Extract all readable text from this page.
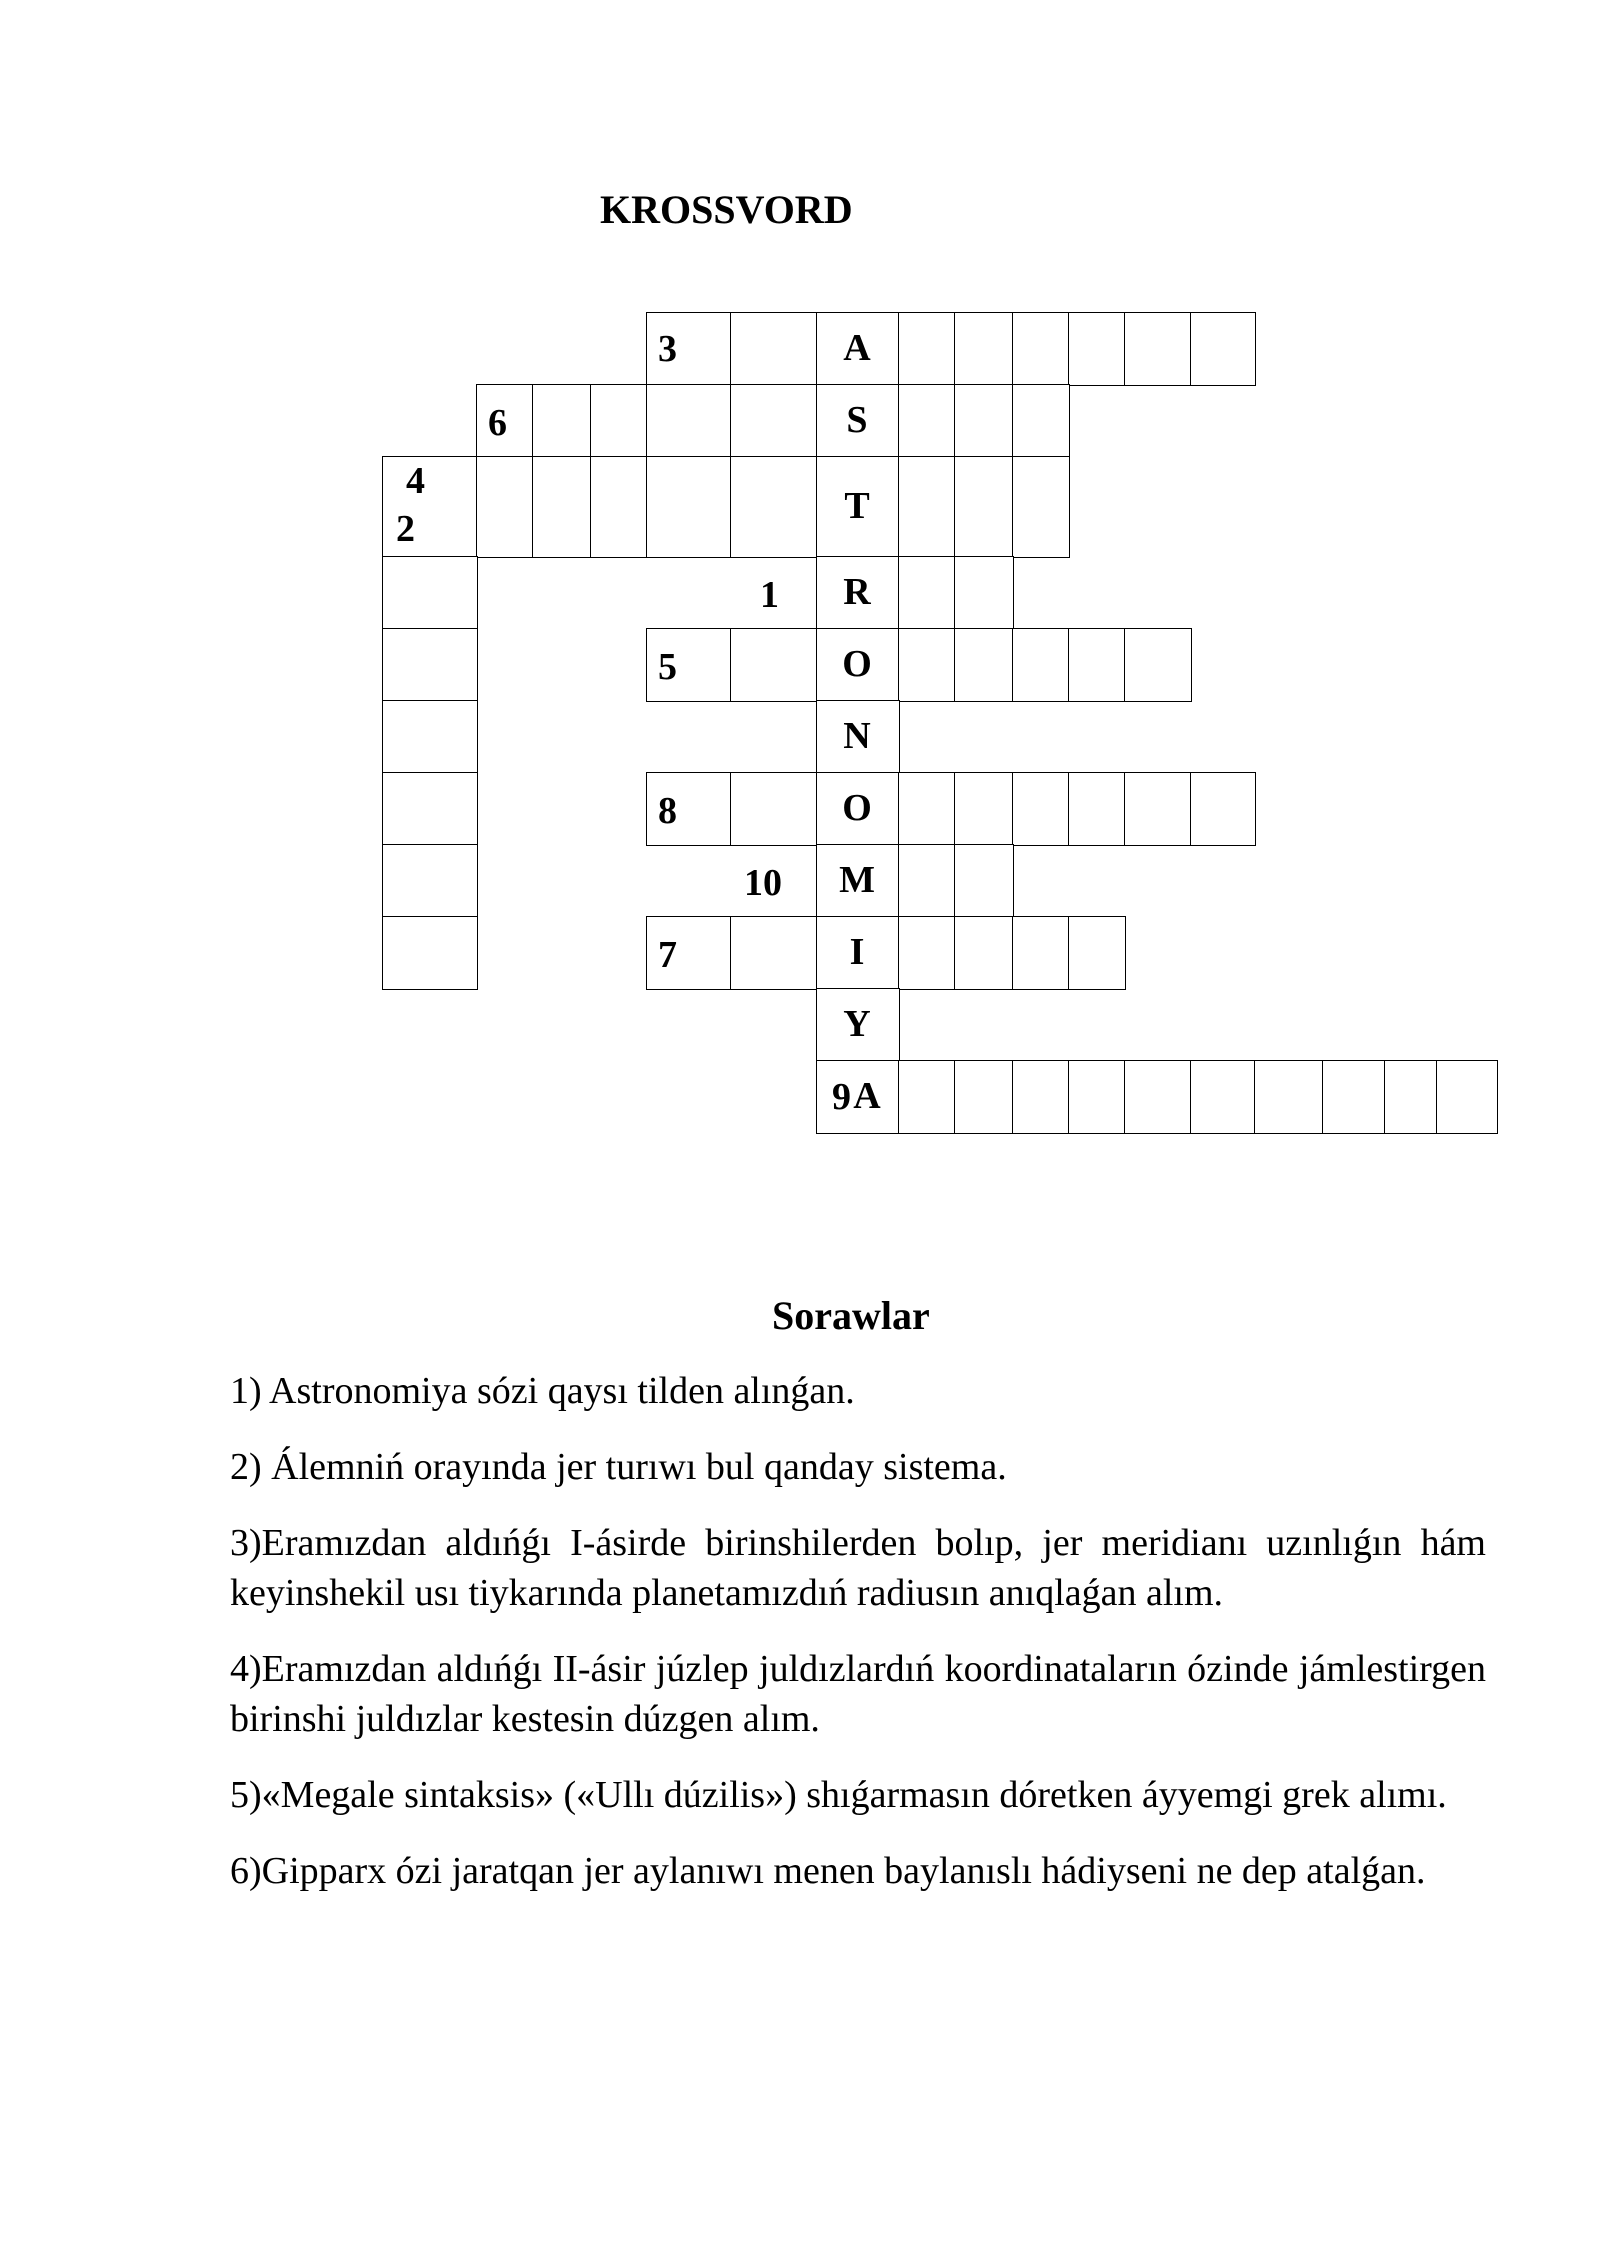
KROSSVORD
A
S
T
R
O
N
O
M
I
Y
A
3
6
4
2
1
5
8
10
7
9
Sorawlar

1) Astronomiya sózi qaysı tilden alınǵan.

2) Álemniń orayında jer turıwı bul qanday sistema.

3)Eramızdan aldıńǵı I-ásirde birinshilerden bolıp, jer meridianı uzınlıǵın hám keyinshekil usı tiykarında planetamızdıń radiusın anıqlaǵan alım.

4)Eramızdan aldıńǵı II-ásir júzlep juldızlardıń koordinataların ózinde jámlestirgen birinshi juldızlar kestesin dúzgen alım.

5)«Megale sintaksis» («Ullı dúzilis») shıǵarmasın dóretken áyyemgi grek alımı.

6)Gipparx ózi jaratqan jer aylanıwı menen baylanıslı hádiyseni ne dep atalǵan.
